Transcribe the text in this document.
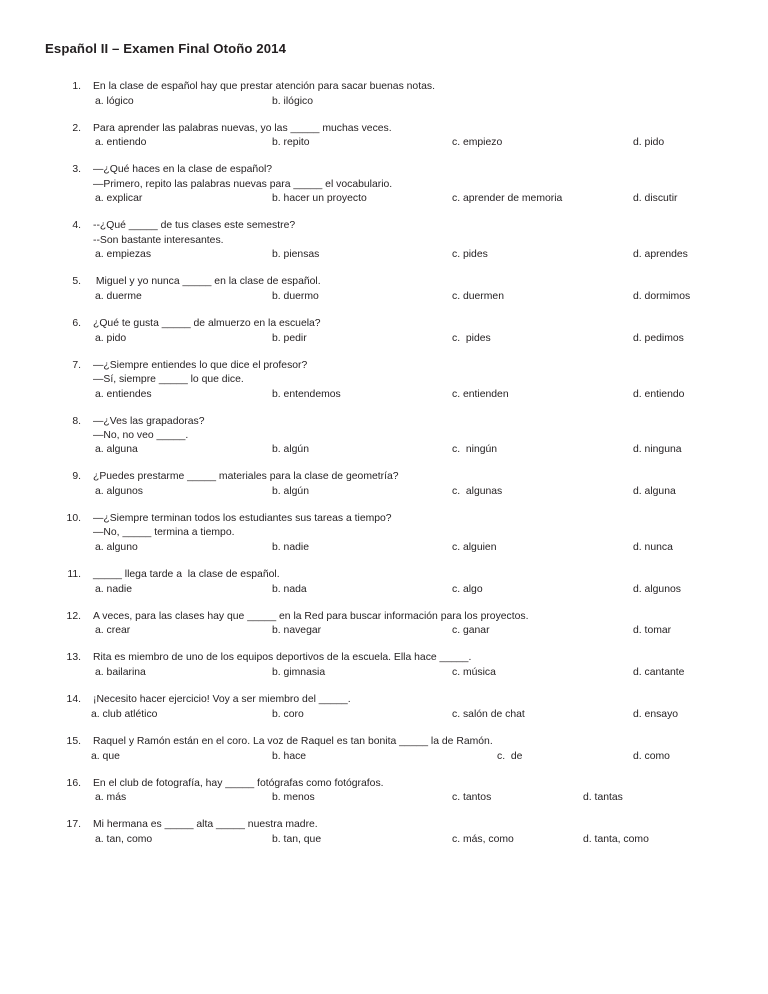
Español II – Examen Final Otoño 2014
1.	En la clase de español hay que prestar atención para sacar buenas notas.
a. lógico	b. ilógico
2.	Para aprender las palabras nuevas, yo las _____ muchas veces.
a. entiendo	b. repito	c. empiezo	d. pido
3.	—¿Qué haces en la clase de español?
—Primero, repito las palabras nuevas para _____ el vocabulario.
a. explicar	b. hacer un proyecto	c. aprender de memoria	d. discutir
4.	--¿Qué _____ de tus clases este semestre?
--Son bastante interesantes.
a. empiezas	b. piensas	c. pides	d. aprendes
5.	Miguel y yo nunca _____ en la clase de español.
a. duerme	b. duermo	c. duermen	d. dormimos
6.	¿Qué te gusta _____ de almuerzo en la escuela?
a. pido	b. pedir	c.  pides	d. pedimos
7.	—¿Siempre entiendes lo que dice el profesor?
—Sí, siempre _____ lo que dice.
a. entiendes	b. entendemos	c. entienden	d. entiendo
8.	—¿Ves las grapadoras?
—No, no veo _____.
a. alguna	b. algún	c.  ningún	d. ninguna
9.	¿Puedes prestarme _____ materiales para la clase de geometría?
a. algunos	b. algún	c.  algunas	d. alguna
10.	—¿Siempre terminan todos los estudiantes sus tareas a tiempo?
—No, _____ termina a tiempo.
a. alguno	b. nadie	c. alguien	d. nunca
11.	_____ llega tarde a  la clase de español.
a. nadie	b. nada	c. algo	d. algunos
12.	A veces, para las clases hay que _____ en la Red para buscar información para los proyectos.
a. crear	b. navegar	c. ganar	d. tomar
13.	Rita es miembro de uno de los equipos deportivos de la escuela. Ella hace _____.
a. bailarina	b. gimnasia	c. música	d. cantante
14.	¡Necesito hacer ejercicio! Voy a ser miembro del _____.
a. club atlético	b. coro	c. salón de chat	d. ensayo
15.	Raquel y Ramón están en el coro. La voz de Raquel es tan bonita _____ la de Ramón.
a. que	b. hace	c.  de	d. como
16.	En el club de fotografía, hay _____ fotógrafas como fotógrafos.
a. más	b. menos	c. tantos	d. tantas
17.	Mi hermana es _____ alta _____ nuestra madre.
a. tan, como	b. tan, que	c. más, como	d. tanta, como
